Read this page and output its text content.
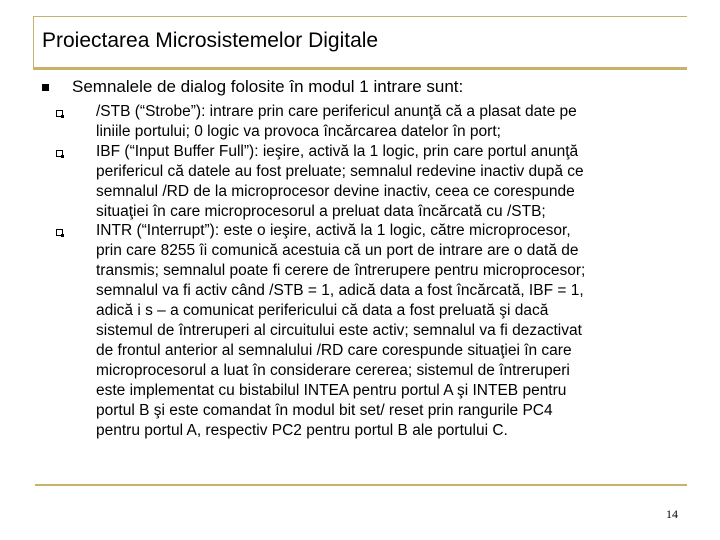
Proiectarea Microsistemelor Digitale
Semnalele de dialog folosite în modul 1 intrare sunt:
/STB (“Strobe”): intrare prin care perifericul anunţă că a plasat date pe
liniile portului; 0 logic va provoca încărcarea datelor în port;
IBF (“Input Buffer Full”): ieşire, activă la 1 logic, prin care portul anunţă
perifericul că datele au fost preluate; semnalul redevine inactiv după ce
semnalul /RD de la microprocesor devine inactiv, ceea ce corespunde
situaţiei în care microprocesorul a preluat data încărcată cu /STB;
INTR (“Interrupt”): este o ieşire, activă la 1 logic, către microprocesor,
prin care 8255 îi comunică acestuia că un port de intrare are o dată de
transmis; semnalul poate fi cerere de întrerupere pentru microprocesor;
semnalul va fi activ când /STB = 1, adică data a fost încărcată, IBF = 1,
adică i s – a comunicat perifericului că data a fost preluată şi dacă
sistemul de întreruperi al circuitului este activ; semnalul va fi dezactivat
de frontul anterior al semnalului /RD care corespunde situaţiei în care
microprocesorul a luat în considerare cererea; sistemul de întreruperi
este implementat cu bistabilul INTEA pentru portul A şi INTEB pentru
portul B şi este comandat în modul bit set/ reset prin rangurile PC4
pentru portul A, respectiv PC2 pentru portul B ale portului C.
14
